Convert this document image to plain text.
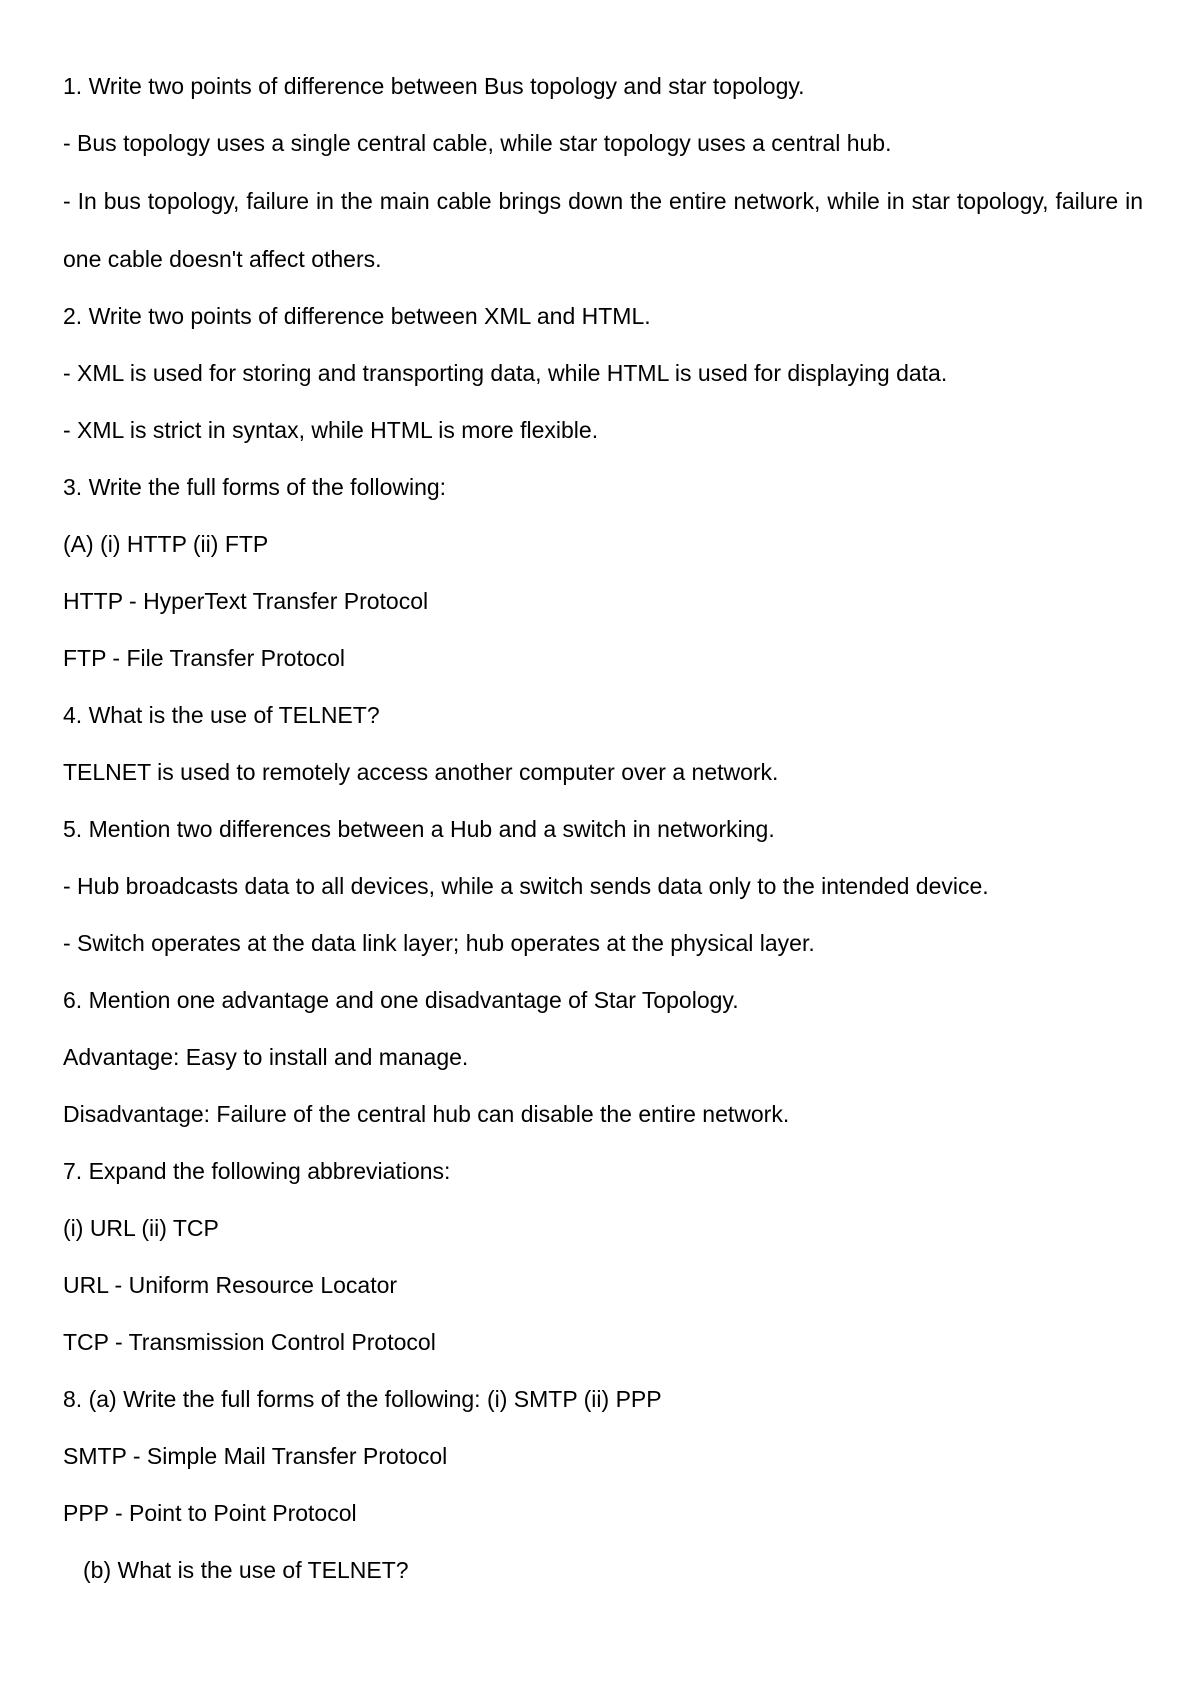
1. Write two points of difference between Bus topology and star topology.
- Bus topology uses a single central cable, while star topology uses a central hub.
- In bus topology, failure in the main cable brings down the entire network, while in star topology, failure in one cable doesn't affect others.
2. Write two points of difference between XML and HTML.
- XML is used for storing and transporting data, while HTML is used for displaying data.
- XML is strict in syntax, while HTML is more flexible.
3. Write the full forms of the following:
(A) (i) HTTP (ii) FTP
HTTP - HyperText Transfer Protocol
FTP - File Transfer Protocol
4. What is the use of TELNET?
TELNET is used to remotely access another computer over a network.
5. Mention two differences between a Hub and a switch in networking.
- Hub broadcasts data to all devices, while a switch sends data only to the intended device.
- Switch operates at the data link layer; hub operates at the physical layer.
6. Mention one advantage and one disadvantage of Star Topology.
Advantage: Easy to install and manage.
Disadvantage: Failure of the central hub can disable the entire network.
7. Expand the following abbreviations:
(i) URL (ii) TCP
URL - Uniform Resource Locator
TCP - Transmission Control Protocol
8. (a) Write the full forms of the following: (i) SMTP (ii) PPP
SMTP - Simple Mail Transfer Protocol
PPP - Point to Point Protocol
(b) What is the use of TELNET?
